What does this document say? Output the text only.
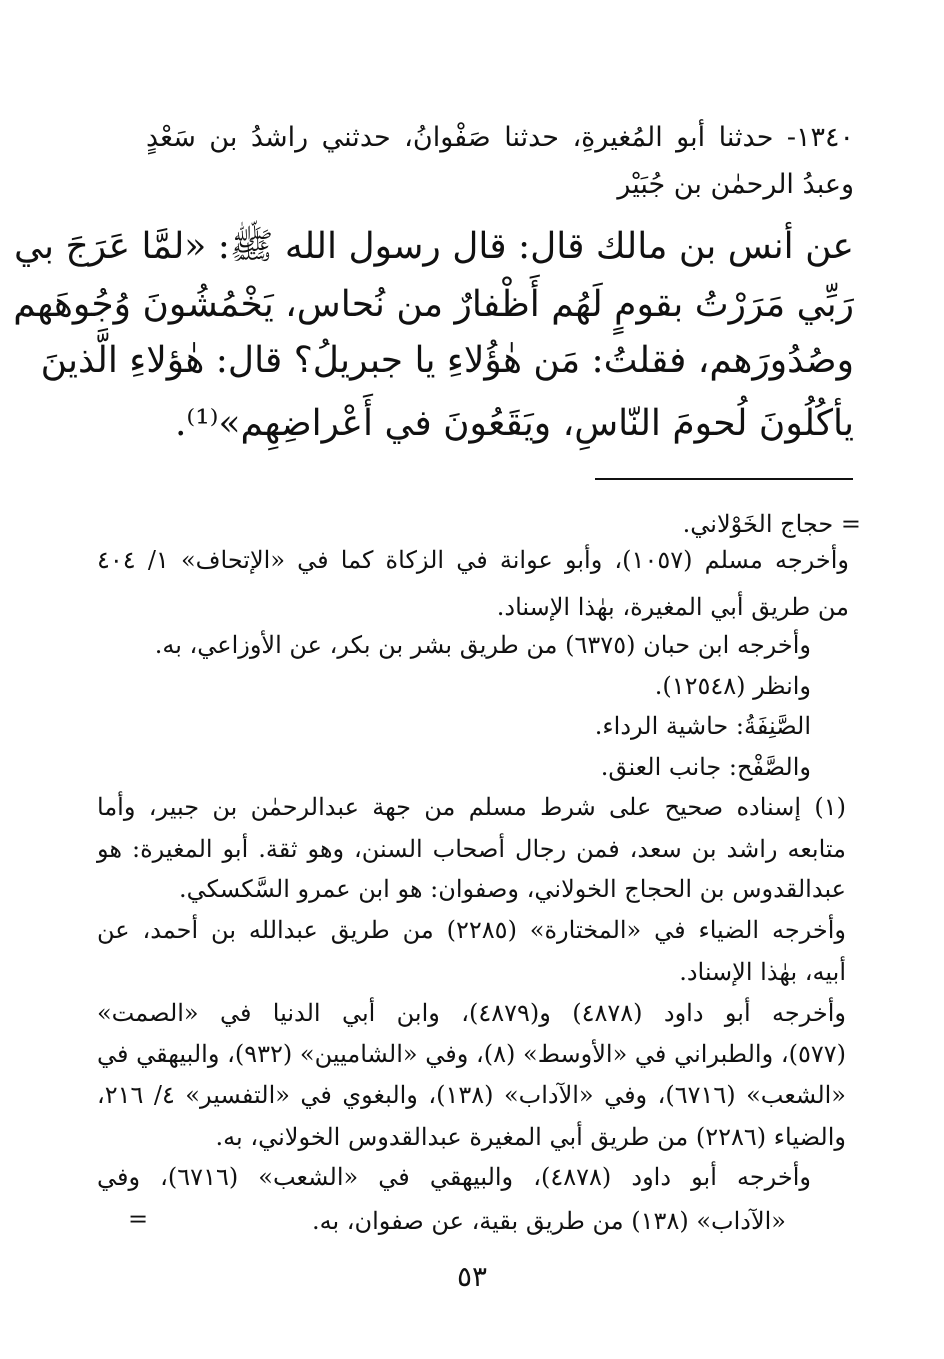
١٣٤٠- حدثنا أبو المُغيرةِ، حدثنا صَفْوانُ، حدثني راشدُ بن سَعْدٍ
وعبدُ الرحمٰن بن جُبَيْر
عن أنس بن مالك قال: قال رسول الله ﷺ: «لمَّا عَرَجَ بي
رَبِّي مَرَرْتُ بقومٍ لَهُم أَظْفارٌ من نُحاس، يَخْمُشُونَ وُجُوهَهم
وصُدُورَهم، فقلتُ: مَن هٰؤُلاءِ يا جبريلُ؟ قال: هٰؤلاءِ الَّذينَ
يأكُلُونَ لُحومَ النّاسِ، ويَقَعُونَ في أَعْراضِهِم»⁽¹⁾.
= حجاج الخَوْلاني.
وأخرجه مسلم (١٠٥٧)، وأبو عوانة في الزكاة كما في «الإتحاف» ١/ ٤٠٤
من طريق أبي المغيرة، بهٰذا الإسناد.
وأخرجه ابن حبان (٦٣٧٥) من طريق بشر بن بكر، عن الأوزاعي، به.
وانظر (١٢٥٤٨).
الصَّنِفَةُ: حاشية الرداء.
والصَّفْح: جانب العنق.
(١) إسناده صحيح على شرط مسلم من جهة عبدالرحمٰن بن جبير، وأما
متابعه راشد بن سعد، فمن رجال أصحاب السنن، وهو ثقة. أبو المغيرة: هو
عبدالقدوس بن الحجاج الخولاني، وصفوان: هو ابن عمرو السَّكسكي.
وأخرجه الضياء في «المختارة» (٢٢٨٥) من طريق عبدالله بن أحمد، عن
أبيه، بهٰذا الإسناد.
وأخرجه أبو داود (٤٨٧٨) و(٤٨٧٩)، وابن أبي الدنيا في «الصمت»
(٥٧٧)، والطبراني في «الأوسط» (٨)، وفي «الشاميين» (٩٣٢)، والبيهقي في
«الشعب» (٦٧١٦)، وفي «الآداب» (١٣٨)، والبغوي في «التفسير» ٤/ ٢١٦،
والضياء (٢٢٨٦) من طريق أبي المغيرة عبدالقدوس الخولاني، به.
وأخرجه أبو داود (٤٨٧٨)، والبيهقي في «الشعب» (٦٧١٦)، وفي
«الآداب» (١٣٨) من طريق بقية، عن صفوان، به.
=
٥٣
